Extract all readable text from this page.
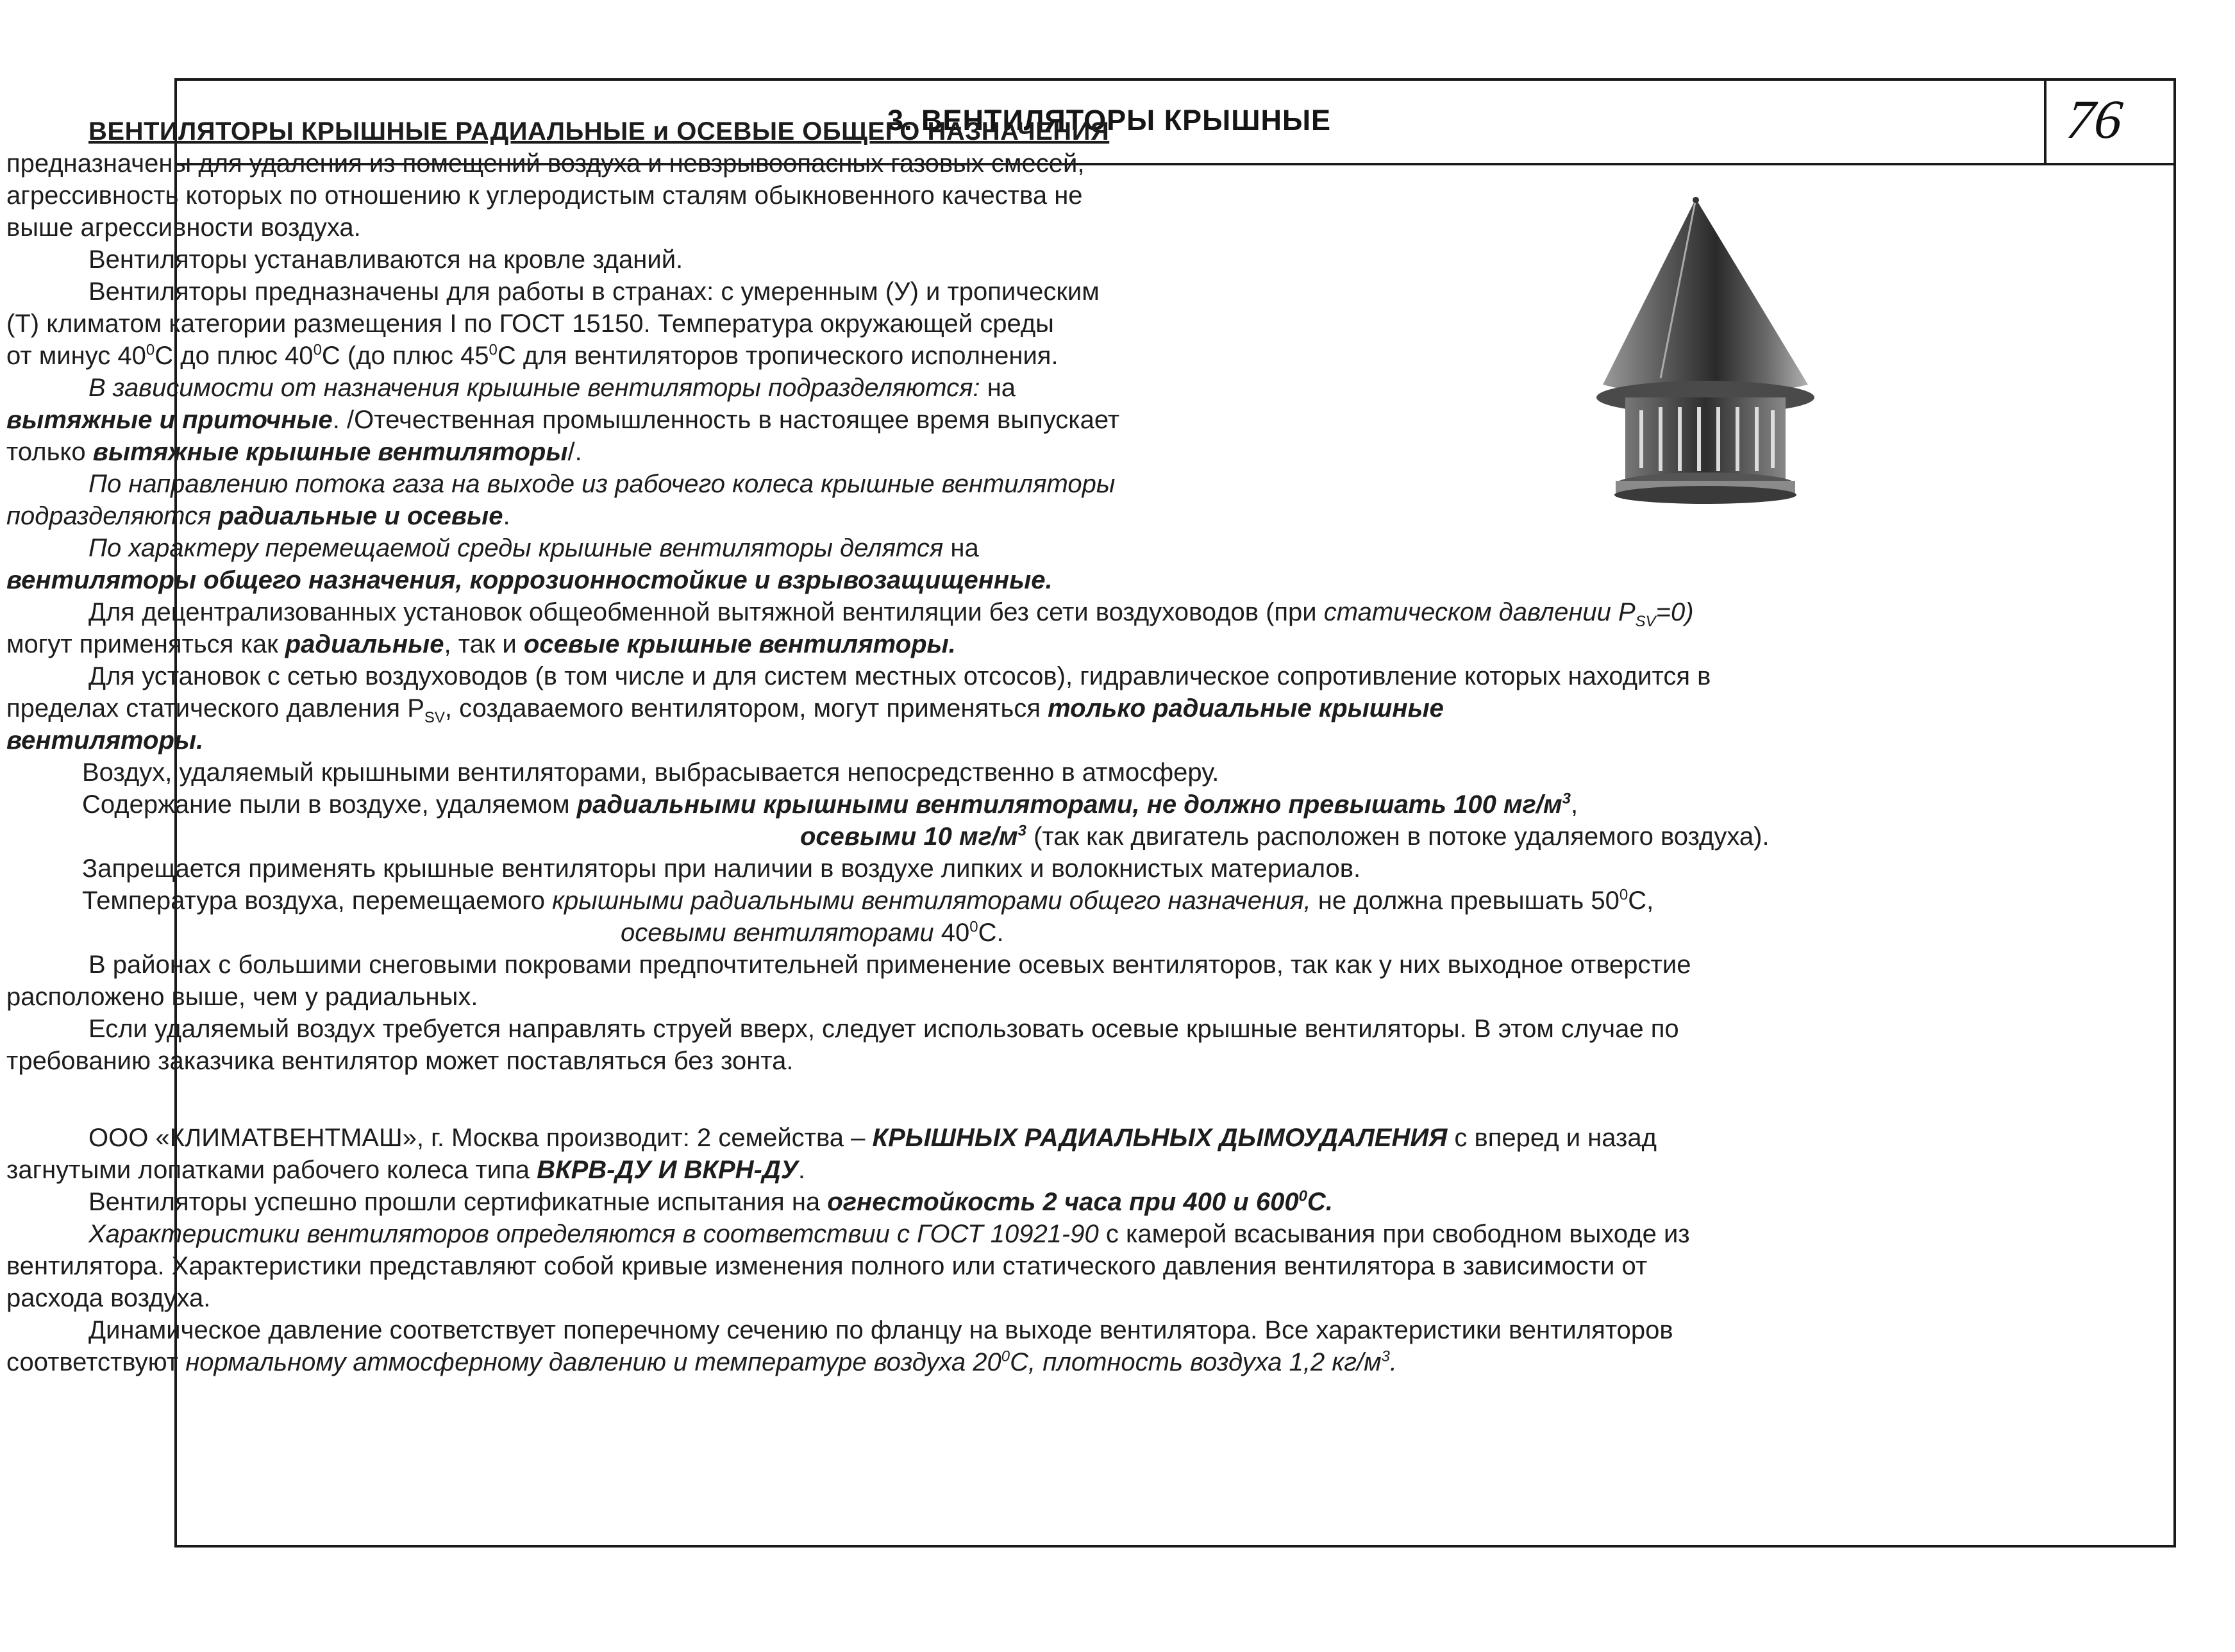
3. ВЕНТИЛЯТОРЫ КРЫШНЫЕ	76
ВЕНТИЛЯТОРЫ КРЫШНЫЕ РАДИАЛЬНЫЕ и ОСЕВЫЕ ОБЩЕГО НАЗНАЧЕНИЯ
предназначены для удаления из помещений воздуха и невзрывоопасных газовых смесей,
агрессивность которых по отношению к углеродистым сталям обыкновенного качества не
выше агрессивности воздуха.
Вентиляторы устанавливаются на кровле зданий.
Вентиляторы предназначены для работы в странах: с умеренным (У) и тропическим
(Т) климатом категории размещения I по ГОСТ 15150. Температура окружающей среды
от минус $40^0С$ до плюс $40^0С$ (до плюс $45^0С$ для вентиляторов тропического исполнения.
В зависимости от назначения крышные вентиляторы подразделяются: на
вытяжные и приточные. /Отечественная промышленность в настоящее время выпускает
только вытяжные крышные вентиляторы/.
По направлению потока газа на выходе из рабочего колеса крышные вентиляторы
подразделяются радиальные и осевые.
По характеру перемещаемой среды крышные вентиляторы делятся на
вентиляторы общего назначения, коррозионностойкие и взрывозащищенные.
Для децентрализованных установок общеобменной вытяжной вентиляции без сети воздуховодов (при статическом давлении $P_{SV}=0$)
могут применяться как радиальные, так и осевые крышные вентиляторы.
Для установок с сетью воздуховодов (в том числе и для систем местных отсосов), гидравлическое сопротивление которых находится в
пределах статического давления $P_{SV}$, создаваемого вентилятором, могут применяться только радиальные крышные
вентиляторы.
Воздух, удаляемый крышными вентиляторами, выбрасывается непосредственно в атмосферу.
Содержание пыли в воздухе, удаляемом радиальными крышными вентиляторами, не должно превышать 100 $мг/м^3$,
осевыми 10 $мг/м^3$ (так как двигатель расположен в потоке удаляемого воздуха).
Запрещается применять крышные вентиляторы при наличии в воздухе липких и волокнистых материалов.
Температура воздуха, перемещаемого крышными радиальными вентиляторами общего назначения, не должна превышать $50^0С$,
осевыми вентиляторами $40^0С$.
В районах с большими снеговыми покровами предпочтительней применение осевых вентиляторов, так как у них выходное отверстие
расположено выше, чем у радиальных.
Если удаляемый воздух требуется направлять струей вверх, следует использовать осевые крышные вентиляторы. В этом случае по
требованию заказчика вентилятор может поставляться без зонта.
ООО «КЛИМАТВЕНТМАШ», г. Москва производит: 2 семейства – КРЫШНЫХ РАДИАЛЬНЫХ ДЫМОУДАЛЕНИЯ с вперед и назад
загнутыми лопатками рабочего колеса типа ВКРВ-ДУ И ВКРН-ДУ.
Вентиляторы успешно прошли сертификатные испытания на огнестойкость 2 часа при 400 и $600^0С$.
Характеристики вентиляторов определяются в соответствии с ГОСТ 10921-90 с камерой всасывания при свободном выходе из
вентилятора. Характеристики представляют собой кривые изменения полного или статического давления вентилятора в зависимости от
расхода воздуха.
Динамическое давление соответствует поперечному сечению по фланцу на выходе вентилятора. Все характеристики вентиляторов
соответствуют нормальному атмосферному давлению и температуре воздуха $20^0С$, плотность воздуха 1,2 $кг/м^3$.
